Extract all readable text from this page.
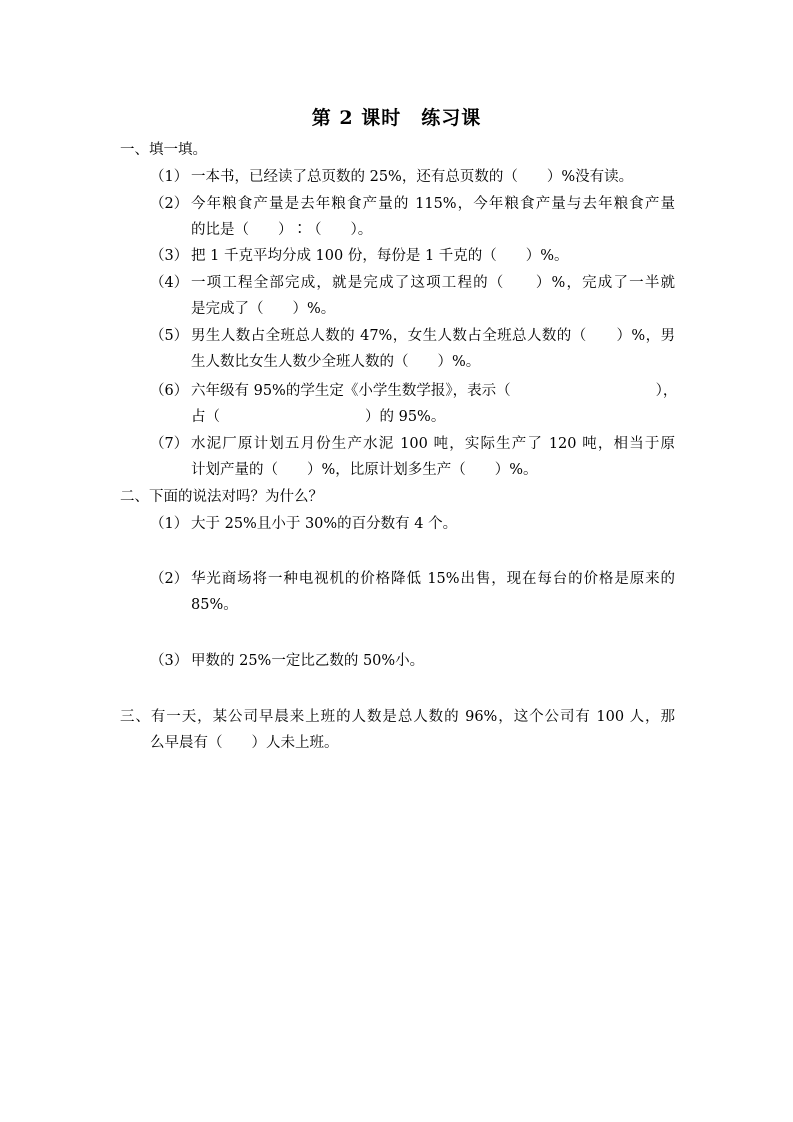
第 2 课时　练习课
一、填一填。
（1） 一本书，已经读了总页数的 25%，还有总页数的（　　）%没有读。
（2） 今年粮食产量是去年粮食产量的 115%，今年粮食产量与去年粮食产量
的比是（　　）∶（　　）。
（3） 把 1 千克平均分成 100 份，每份是 1 千克的（　　）%。
（4） 一项工程全部完成，就是完成了这项工程的（　　）%，完成了一半就
是完成了（　　）%。
（5） 男生人数占全班总人数的 47%，女生人数占全班总人数的（　　）%，男
生人数比女生人数少全班人数的（　　）%。
（6） 六年级有 95%的学生定《小学生数学报》，表示（　　　　　　　　　　），
占（　　　　　　　　　　）的 95%。
（7） 水泥厂原计划五月份生产水泥 100 吨，实际生产了 120 吨，相当于原
计划产量的（　　）%，比原计划多生产（　　）%。
二、下面的说法对吗？为什么？
（1） 大于 25%且小于 30%的百分数有 4 个。
（2） 华光商场将一种电视机的价格降低 15%出售，现在每台的价格是原来的
85%。
（3） 甲数的 25%一定比乙数的 50%小。
三、有一天，某公司早晨来上班的人数是总人数的 96%，这个公司有 100 人，那
么早晨有（　　）人未上班。
